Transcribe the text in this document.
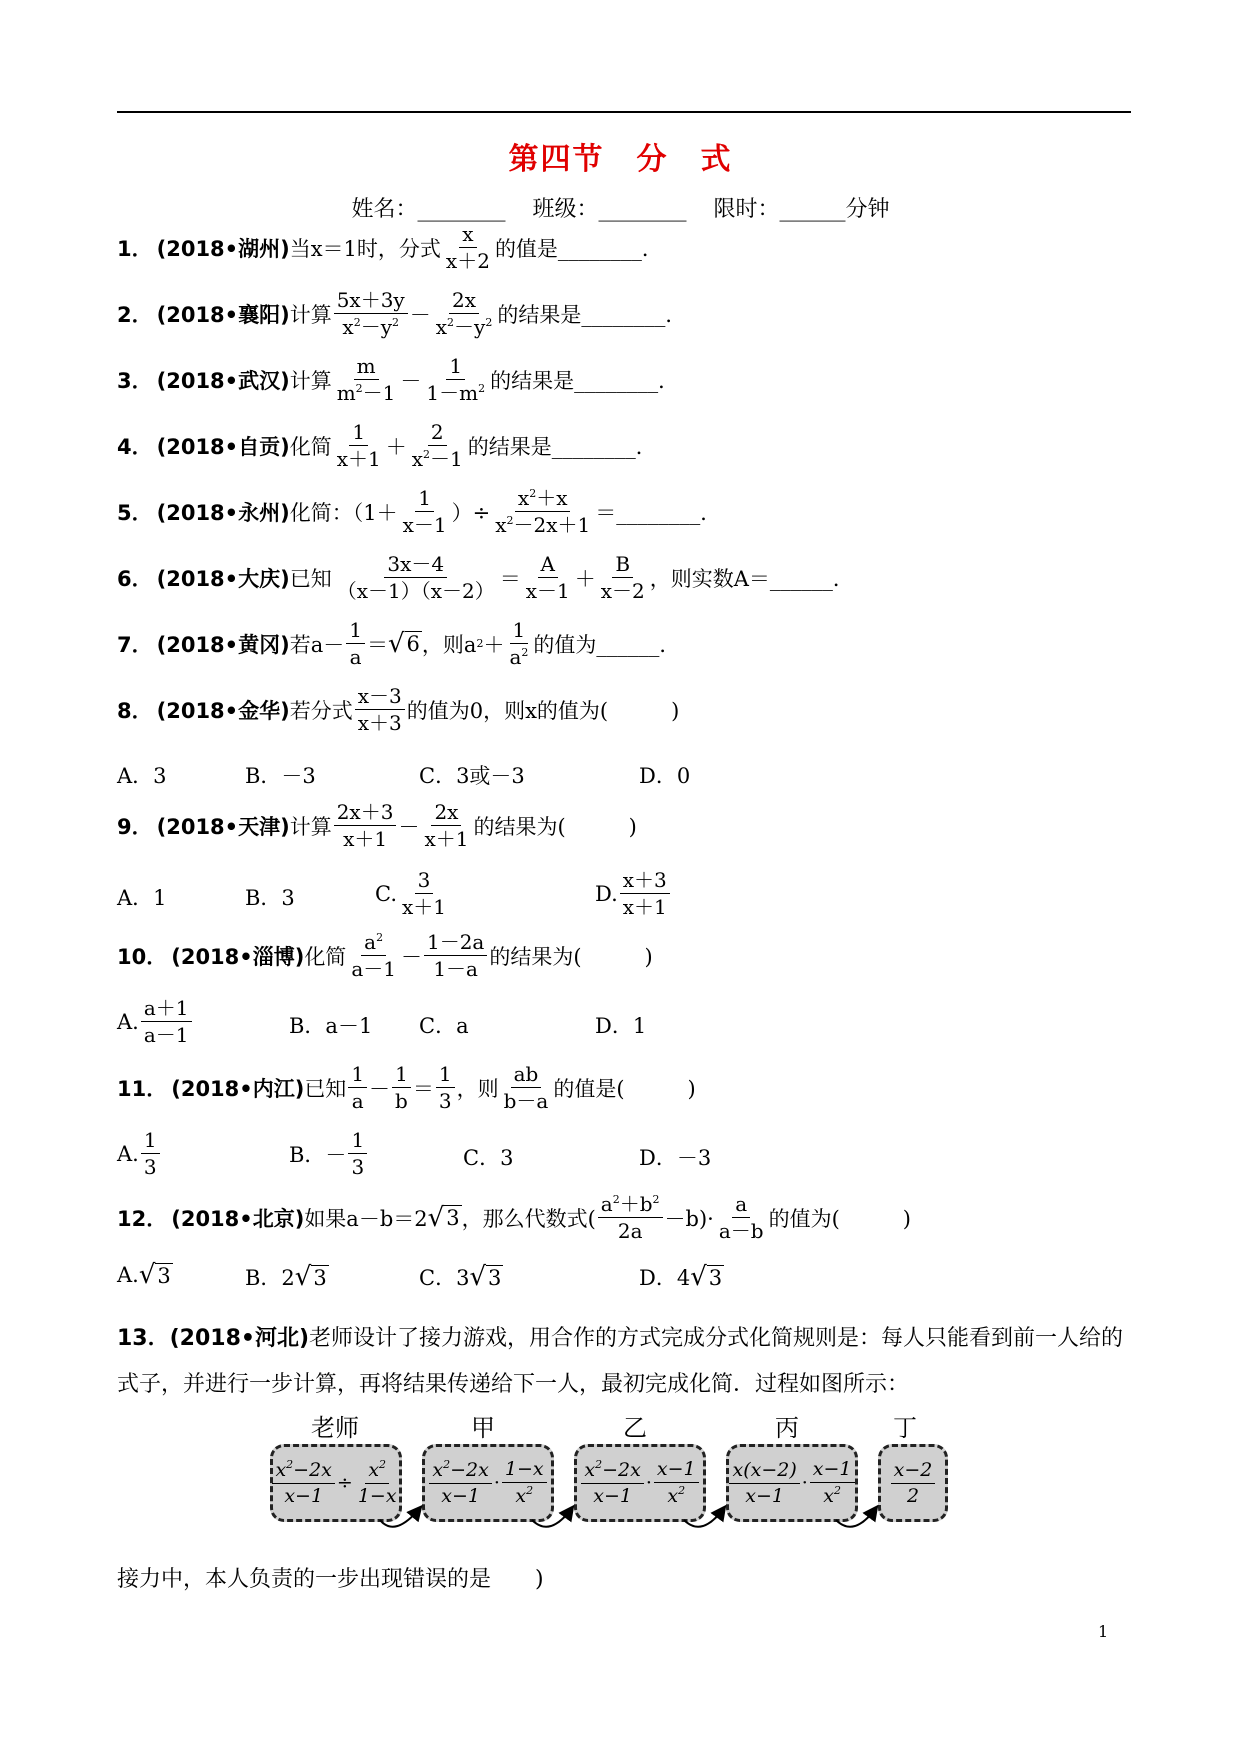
第四节　分　式
姓名：________ 班级：________ 限时：______分钟
1． (2018•湖州) 当x＝1时，分式 $\frac{x}{x+2}$ 的值是________．
2． (2018•襄阳) 计算 $\frac{5x+3y}{x^2-y^2} - \frac{2x}{x^2-y^2}$ 的结果是________．
3． (2018•武汉) 计算 $\frac{m}{m^2-1} - \frac{1}{1-m^2}$ 的结果是________．
4． (2018•自贡) 化简 $\frac{1}{x+1} + \frac{2}{x^2-1}$ 的结果是________．
5． (2018•永州) 化简：（$1+ \frac{1}{x-1}$ ）÷ $\frac{x^2+x}{x^2-2x+1}$ ＝________．
6． (2018•大庆) 已知 $\frac{3x-4}{(x-1)(x-2)} = \frac{A}{x-1} + \frac{B}{x-2}$ ，则实数A＝______．
7． (2018•黄冈) 若$a- \frac{1}{a}$ ＝ √ 6 ，则a $2 + \frac{1}{a^2}$ 的值为______．
8． (2018•金华) 若分式 $\frac{x-3}{x+3}$ 的值为0，则x的值为(　　　)
A．3	B．－3	C．3或－3	D．0
9． (2018•天津) 计算 $\frac{2x+3}{x+1} - \frac{2x}{x+1}$ 的结果为(　　　)
A．1	B．3	C. $\frac{3}{x+1}$	D. $\frac{x+3}{x+1}$
10． (2018•淄博) 化简 $\frac{a^2}{a-1} - \frac{1-2a}{1-a}$ 的结果为(　　　)
A. $\frac{a+1}{a-1}$	B．a－1 C．a	D．1
11． (2018•内江) 已知 $\frac{1}{a} - \frac{1}{b} = \frac{1}{3}$ ，则 $\frac{ab}{b-a}$ 的值是(　　　)
A. $\frac{1}{3}$	B．－ $\frac{1}{3}$	C．3	D．－3
12． (2018•北京) 如果a－b＝2 √ 3 ，那么代数式( $\frac{a^2+b^2}{2a} -b)\cdot \frac{a}{a-b}$ 的值为(　　　)
A. √ 3	B．2 √ 3	C．3 √ 3	D．4 √ 3
13．(2018•河北)老师设计了接力游戏，用合作的方式完成分式化简规则是：每人只能看到前一人给的式子，并进行一步计算，再将结果传递给下一人，最初完成化简．过程如图所示：
老师	甲	乙	丙	丁
$\frac{x^2-2x}{x-1} \div \frac{x^2}{1-x} \frac{x^2-2x}{x-1} \cdot \frac{1-x}{x^2} \frac{x^2-2x}{x-1} \cdot \frac{x-1}{x^2} \frac{x(x-2)}{x-1} \cdot \frac{x-1}{x^2} \frac{x-2}{2}$
接力中，本人负责的一步出现错误的是　　)
1
